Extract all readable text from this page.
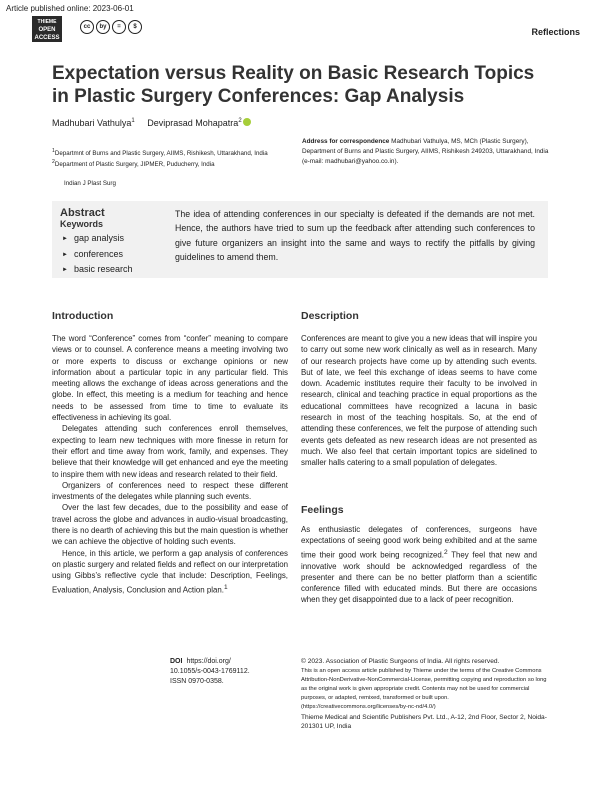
Article published online: 2023-06-01
THIEME
OPEN ACCESS
cc	by	=	$	Reflections
Expectation versus Reality on Basic Research Topics in Plastic Surgery Conferences: Gap Analysis
Madhubari Vathulya$^1$ Deviprasad Mohapatra$^2$
$^1$Departmnt of Burns and Plastic Surgery, AIIMS, Rishikesh, Uttarakhand, India
$^2$Department of Plastic Surgery, JIPMER, Puducherry, India
Address for correspondence Madhubari Vathulya, MS, MCh (Plastic Surgery), Department of Burns and Plastic Surgery, AIIMS, Rishikesh 249203, Uttarakhand, India (e-mail: madhubari@yahoo.co.in).
Indian J Plast Surg
Abstract
Keywords
► gap analysis
► conferences
► basic research

The idea of attending conferences in our specialty is defeated if the demands are not met. Hence, the authors have tried to sum up the feedback after attending such conferences to give future organizers an insight into the same and ways to rectify the pitfalls by giving guidelines to amend them.

Introduction

The word “Conference” comes from “confer” meaning to compare views or to counsel. A conference means a meeting involving two or more experts to discuss or exchange opinions or new information about a particular topic in any particular field. This meeting allows the exchange of ideas across generations and the globe. In effect, this meeting is a medium for teaching and hence needs to be assessed from time to time to evaluate its effectiveness in achieving its goal.

Delegates attending such conferences enroll themselves, expecting to learn new techniques with more finesse in return for their effort and time away from work, family, and expenses. They believe that their knowledge will get enhanced and eye the meeting to inspire them with new ideas and research related to their field.

Organizers of conferences need to respect these different investments of the delegates while planning such events.

Over the last few decades, due to the possibility and ease of travel across the globe and advances in audio-visual broadcasting, there is no dearth of achieving this but the main question is whether we can achieve the objective of holding such events.

Hence, in this article, we perform a gap analysis of conferences on plastic surgery and related fields and reflect on our interpretation using Gibbs’s reflective cycle that include: Description, Feelings, Evaluation, Analysis, Conclusion and Action plan.$^1$

Description

Conferences are meant to give you a new ideas that will inspire you to carry out some new work clinically as well as in research. Many of our research projects have come up by attending such events. But of late, we feel this exchange of ideas seems to have come down. Academic institutes require their faculty to be involved in research, clinical and teaching practice in equal proportions as the educational committees have recognized a lacuna in basic research in most of the teaching hospitals. So, at the end of attending these conferences, we felt the purpose of attending such events gets defeated as new research ideas are not presented as much. We also feel that certain important topics are sidelined to smaller halls catering to a small population of delegates.

Feelings

As enthusiastic delegates of conferences, surgeons have expectations of seeing good work being exhibited and at the same time their good work being recognized.$^2$ They feel that new and innovative work should be acknowledged regardless of the presenter and there can be no better platform than a scientific conference filled with educated minds. But there are occasions when they get disappointed due to a lack of peer recognition.

DOI https://doi.org/
10.1055/s-0043-1769112.
ISSN 0970-0358.
© 2023. Association of Plastic Surgeons of India. All rights reserved.
This is an open access article published by Thieme under the terms of the Creative Commons Attribution-NonDerivative-NonCommercial-License, permitting copying and reproduction so long as the original work is given appropriate credit. Contents may not be used for commercial purposes, or adapted, remixed, transformed or built upon. (https://creativecommons.org/licenses/by-nc-nd/4.0/)
Thieme Medical and Scientific Publishers Pvt. Ltd., A-12, 2nd Floor, Sector 2, Noida-201301 UP, India
